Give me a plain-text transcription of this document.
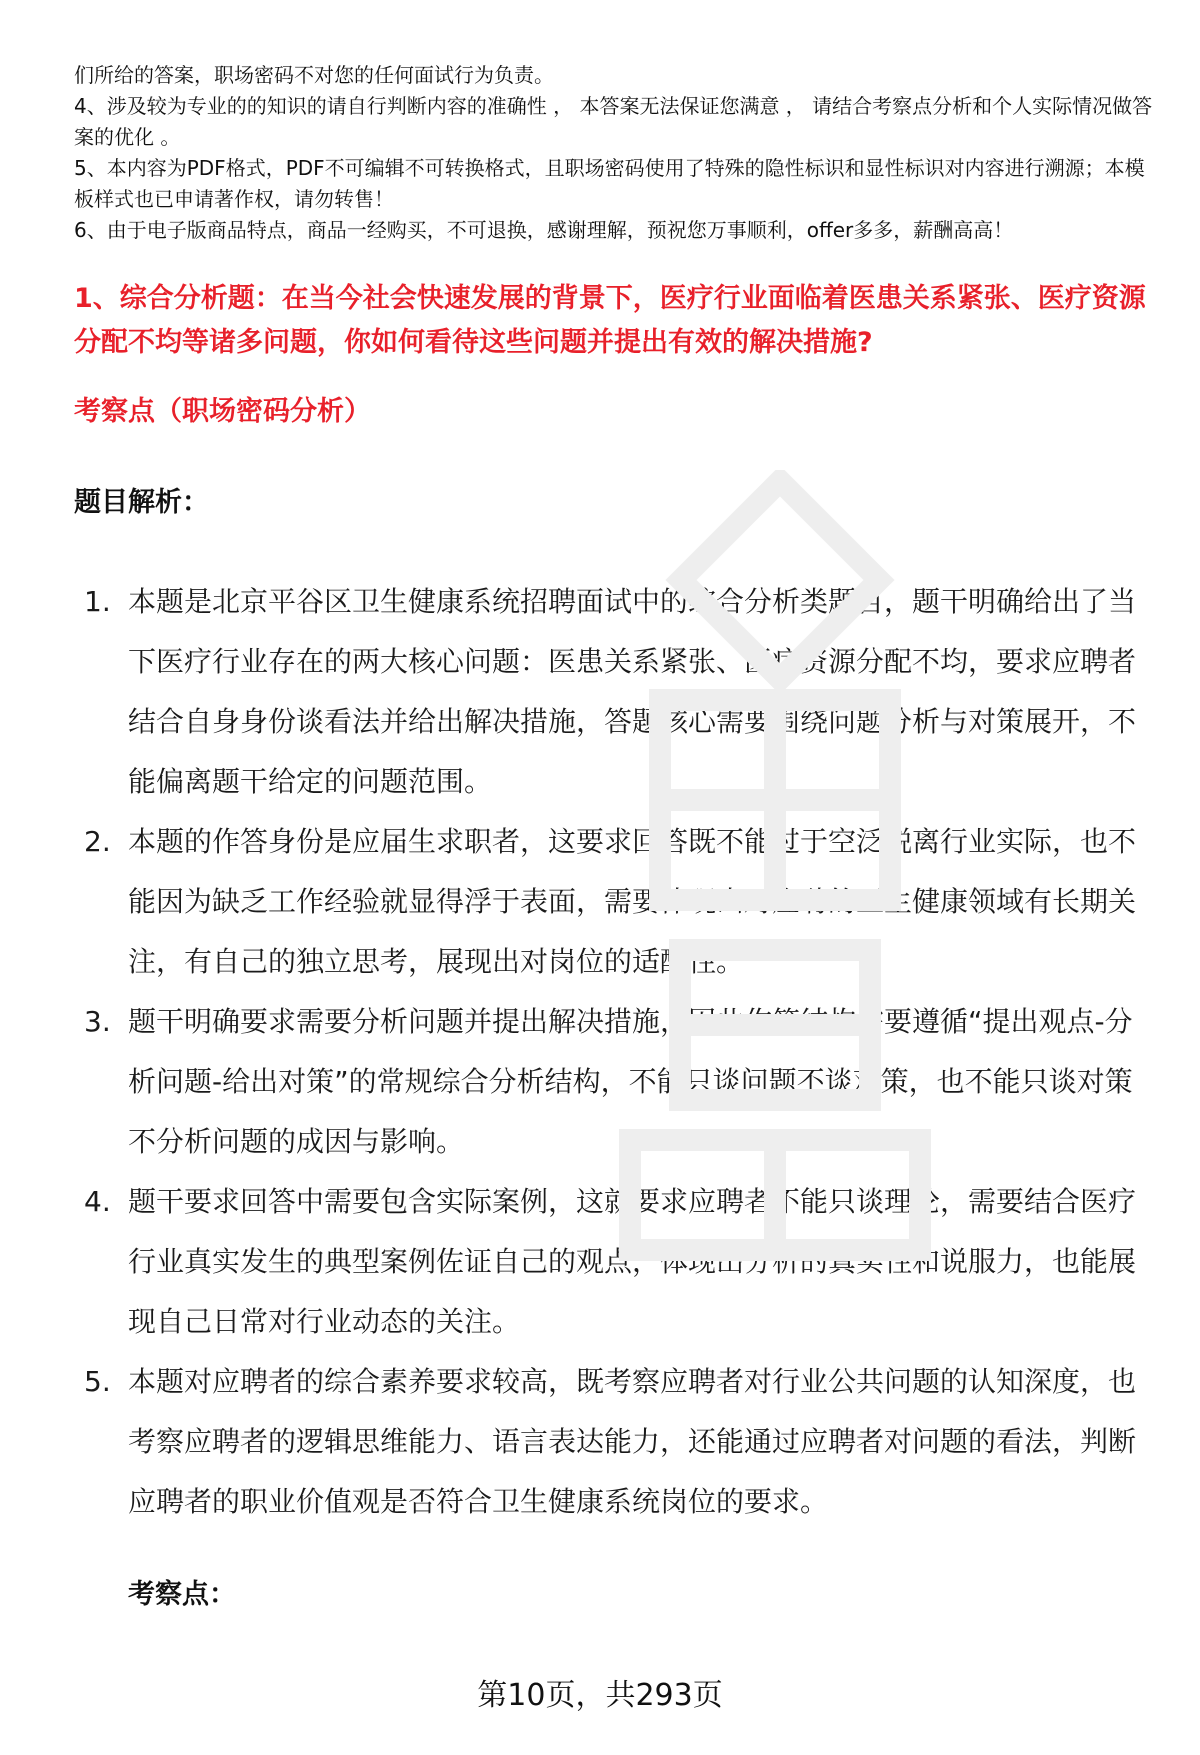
们所给的答案，职场密码不对您的任何面试行为负责。

4、涉及较为专业的的知识的请自行判断内容的准确性 ， 本答案无法保证您满意 ， 请结合考察点分析和个人实际情况做答案的优化 。

5、本内容为PDF格式，PDF不可编辑不可转换格式，且职场密码使用了特殊的隐性标识和显性标识对内容进行溯源；本模板样式也已申请著作权，请勿转售！

6、由于电子版商品特点，商品一经购买，不可退换，感谢理解，预祝您万事顺利，offer多多，薪酬高高！

1、综合分析题：在当今社会快速发展的背景下，医疗行业面临着医患关系紧张、医疗资源分配不均等诸多问题，你如何看待这些问题并提出有效的解决措施?
考察点（职场密码分析）
题目解析：
1. 本题是北京平谷区卫生健康系统招聘面试中的综合分析类题目，题干明确给出了当下医疗行业存在的两大核心问题：医患关系紧张、医疗资源分配不均，要求应聘者结合自身身份谈看法并给出解决措施，答题核心需要围绕问题分析与对策展开，不能偏离题干给定的问题范围。
2. 本题的作答身份是应届生求职者，这要求回答既不能过于空泛脱离行业实际，也不能因为缺乏工作经验就显得浮于表面，需要体现出对应聘的卫生健康领域有长期关注，有自己的独立思考，展现出对岗位的适配性。
3. 题干明确要求需要分析问题并提出解决措施，因此作答结构需要遵循“提出观点-分析问题-给出对策”的常规综合分析结构，不能只谈问题不谈对策，也不能只谈对策不分析问题的成因与影响。
4. 题干要求回答中需要包含实际案例，这就要求应聘者不能只谈理论，需要结合医疗行业真实发生的典型案例佐证自己的观点，体现出分析的真实性和说服力，也能展现自己日常对行业动态的关注。
5. 本题对应聘者的综合素养要求较高，既考察应聘者对行业公共问题的认知深度，也考察应聘者的逻辑思维能力、语言表达能力，还能通过应聘者对问题的看法，判断应聘者的职业价值观是否符合卫生健康系统岗位的要求。
考察点：
第10页，共293页
